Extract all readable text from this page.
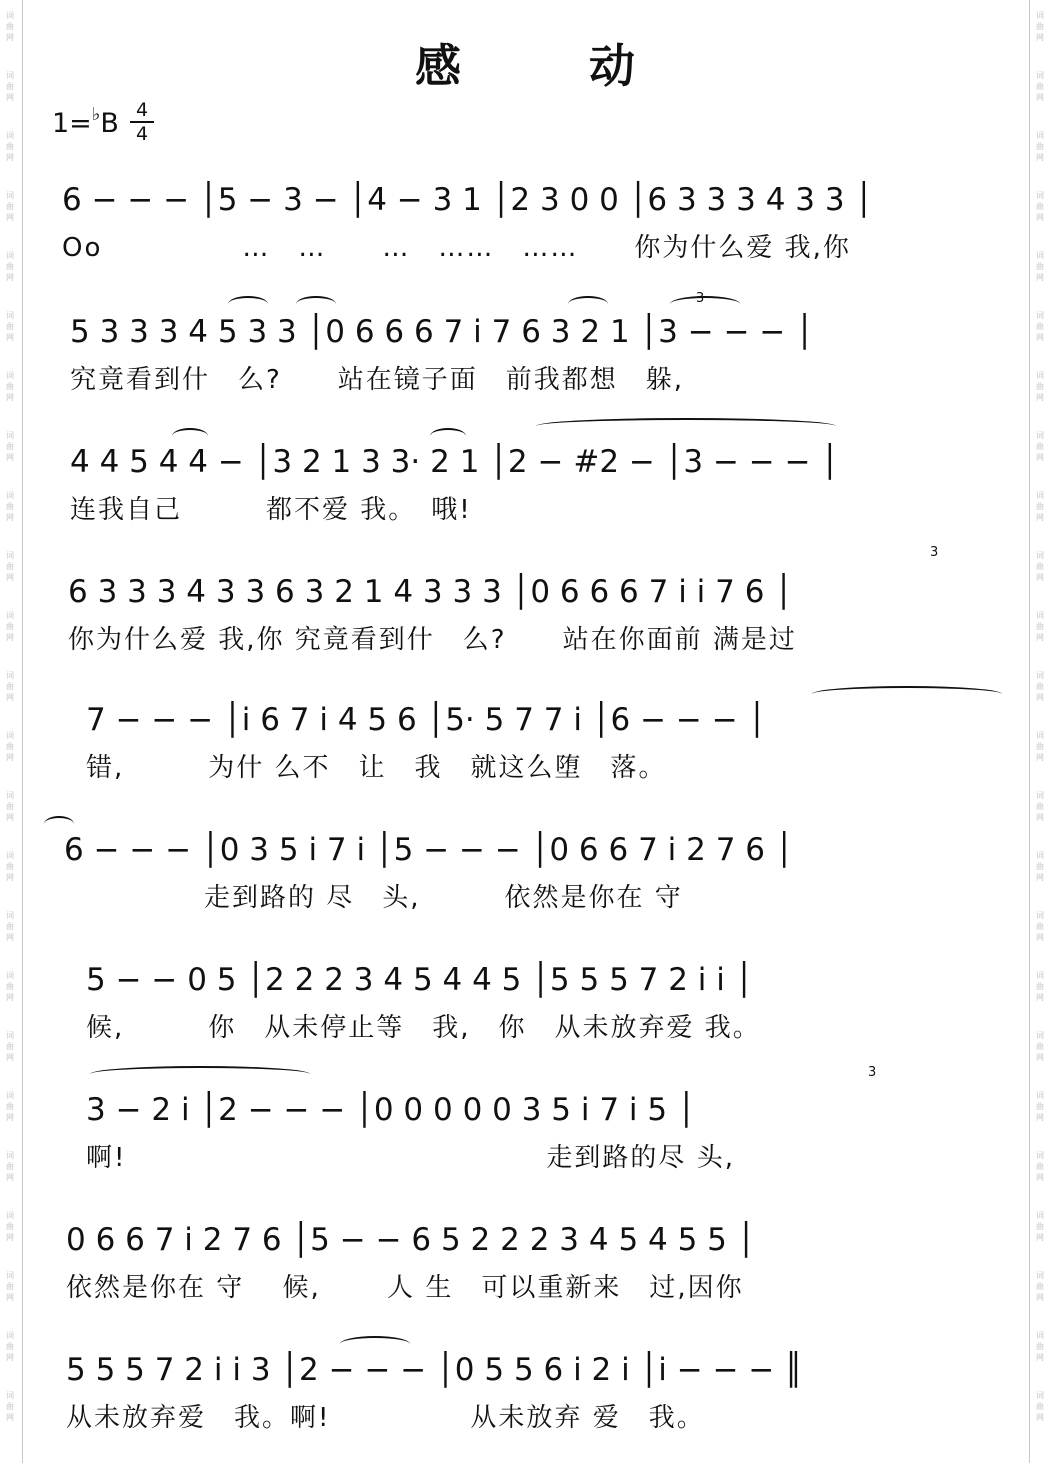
词
曲
网
词
曲
网
词
曲
网
词
曲
网
词
曲
网
词
曲
网
词
曲
网
词
曲
网
词
曲
网
词
曲
网
词
曲
网
词
曲
网
词
曲
网
词
曲
网
词
曲
网
词
曲
网
词
曲
网
词
曲
网
词
曲
网
词
曲
网
词
曲
网
词
曲
网
词
曲
网
词
曲
网
词
曲
网
词
曲
网
词
曲
网
词
曲
网
词
曲
网
词
曲
网
词
曲
网
词
曲
网
词
曲
网
词
曲
网
词
曲
网
词
曲
网
词
曲
网
词
曲
网
词
曲
网
词
曲
网
词
曲
网
词
曲
网
词
曲
网
词
曲
网
词
曲
网
词
曲
网
词
曲
网
词
曲
网
感 动
1=♭B 4
4
6 − − − │5 − 3 − │4 − 3 1 │2 3 0 0 │6 3 3 3 4 3 3 │
Oo　　　　　…　…　　…　……　……　　你为什么爱 我,你
5 3 3 3 4 5 3 3 │0 6 6 6 7 i 7 6 3 2 1 │3 − − − │
究竟看到什　么?　　站在镜子面　前我都想　躲,
4 4 5 4 4 − │3 2 1 3 3· 2 1 │2 − #2 − │3 − − − │
连我自己　　　都不爱 我。　哦!
6 3 3 3 4 3 3 6 3 2 1 4 3 3 3 │0 6 6 6 7 i i 7 6 │
你为什么爱 我,你 究竟看到什　么?　　站在你面前 满是过
7 − − − │i 6 7 i 4 5 6 │5· 5 7 7 i │6 − − − │
错,　　　为什 么不　让　我　就这么堕　落。
6 − − − │0 3 5 i 7 i │5 − − − │0 6 6 7 i 2 7 6 │
　　　　　走到路的 尽　头,　　　依然是你在 守
5 − − 0 5 │2 2 2 3 4 5 4 4 5 │5 5 5 7 2 i i │
候,　　　你　从未停止等　我,　你　从未放弃爱 我。
3 − 2 i │2 − − − │0 0 0 0 0 3 5 i 7 i 5 │
啊!　　　　　　　　　　　　　　　走到路的尽 头,
0 6 6 7 i 2 7 6 │5 − − 6 5 2 2 2 3 4 5 4 5 5 │
依然是你在 守　 候,　　 人 生　可以重新来　过,因你
5 5 5 7 2 i i 3 │2 − − − │0 5 5 6 i 2 i │i − − − ║
从未放弃爱　我。啊!　　　　　从未放弃 爱　我。
3
3
3
